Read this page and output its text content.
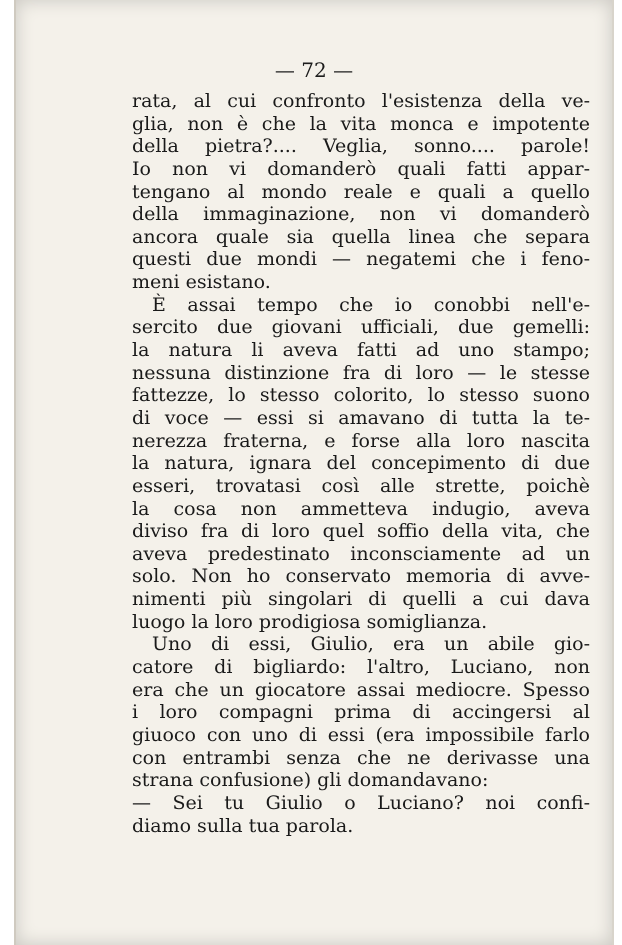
— 72 —
rata, al cui confronto l'esistenza della ve-
glia, non è che la vita monca e impotente
della pietra?.... Veglia, sonno.... parole!
Io non vi domanderò quali fatti appar-
tengano al mondo reale e quali a quello
della immaginazione, non vi domanderò
ancora quale sia quella linea che separa
questi due mondi — negatemi che i feno-
meni esistano.
È assai tempo che io conobbi nell'e-
sercito due giovani ufficiali, due gemelli:
la natura li aveva fatti ad uno stampo;
nessuna distinzione fra di loro — le stesse
fattezze, lo stesso colorito, lo stesso suono
di voce — essi si amavano di tutta la te-
nerezza fraterna, e forse alla loro nascita
la natura, ignara del concepimento di due
esseri, trovatasi così alle strette, poichè
la cosa non ammetteva indugio, aveva
diviso fra di loro quel soffio della vita, che
aveva predestinato inconsciamente ad un
solo. Non ho conservato memoria di avve-
nimenti più singolari di quelli a cui dava
luogo la loro prodigiosa somiglianza.
Uno di essi, Giulio, era un abile gio-
catore di bigliardo: l'altro, Luciano, non
era che un giocatore assai mediocre. Spesso
i loro compagni prima di accingersi al
giuoco con uno di essi (era impossibile farlo
con entrambi senza che ne derivasse una
strana confusione) gli domandavano:
— Sei tu Giulio o Luciano? noi confi-
diamo sulla tua parola.
